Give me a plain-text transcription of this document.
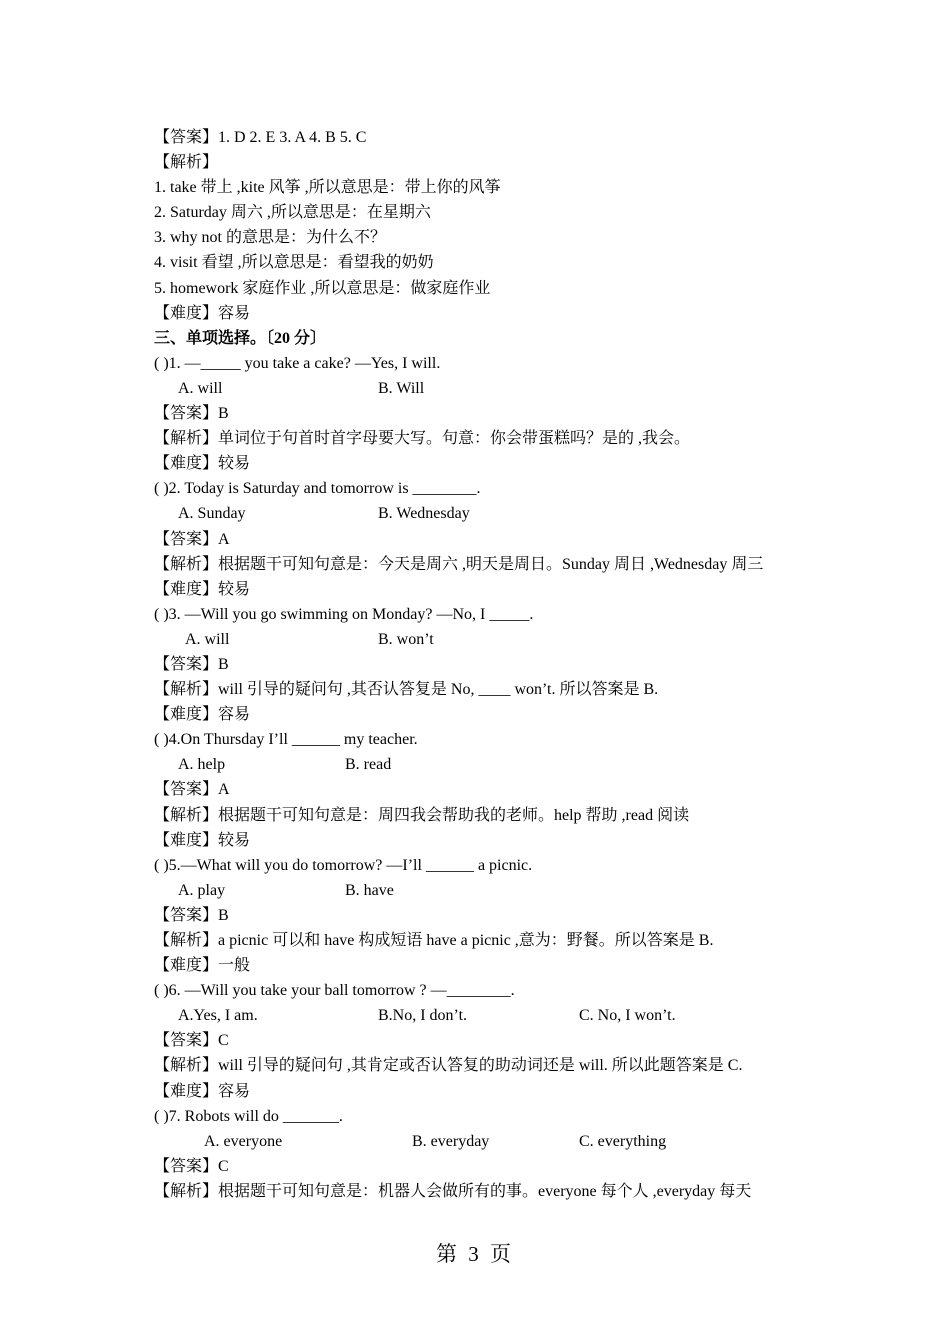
【答案】1. D 2. E 3. A 4. B 5. C
【解析】
1. take 带上 ,kite 风筝 ,所以意思是：带上你的风筝
2. Saturday 周六 ,所以意思是：在星期六
3. why not 的意思是：为什么不？
4. visit 看望 ,所以意思是：看望我的奶奶
5. homework 家庭作业 ,所以意思是：做家庭作业
【难度】容易
三、单项选择。〔20 分〕
( )1. —_____ you take a cake? —Yes, I will.
A. will	B. Will
【答案】B
【解析】单词位于句首时首字母要大写。句意：你会带蛋糕吗？是的 ,我会。
【难度】较易
( )2. Today is Saturday and tomorrow is ________.
A. Sunday	B. Wednesday
【答案】A
【解析】根据题干可知句意是：今天是周六 ,明天是周日。Sunday 周日 ,Wednesday 周三
【难度】较易
( )3. —Will you go swimming on Monday? —No, I _____.
A. will	B. won’t
【答案】B
【解析】will 引导的疑问句 ,其否认答复是 No, ____ won’t. 所以答案是 B.
【难度】容易
( )4.On Thursday I’ll ______ my teacher.
A. help	B. read
【答案】A
【解析】根据题干可知句意是：周四我会帮助我的老师。help 帮助 ,read 阅读
【难度】较易
( )5.—What will you do tomorrow? —I’ll ______ a picnic.
A. play	B. have
【答案】B
【解析】a picnic 可以和 have 构成短语 have a picnic ,意为：野餐。所以答案是 B.
【难度】一般
( )6. —Will you take your ball tomorrow ? —________.
A.Yes, I am.	B.No, I don’t.	C. No, I won’t.
【答案】C
【解析】will 引导的疑问句 ,其肯定或否认答复的助动词还是 will. 所以此题答案是 C.
【难度】容易
( )7. Robots will do _______.
A. everyone	B. everyday	C. everything
【答案】C
【解析】根据题干可知句意是：机器人会做所有的事。everyone 每个人 ,everyday 每天
第 3 页
